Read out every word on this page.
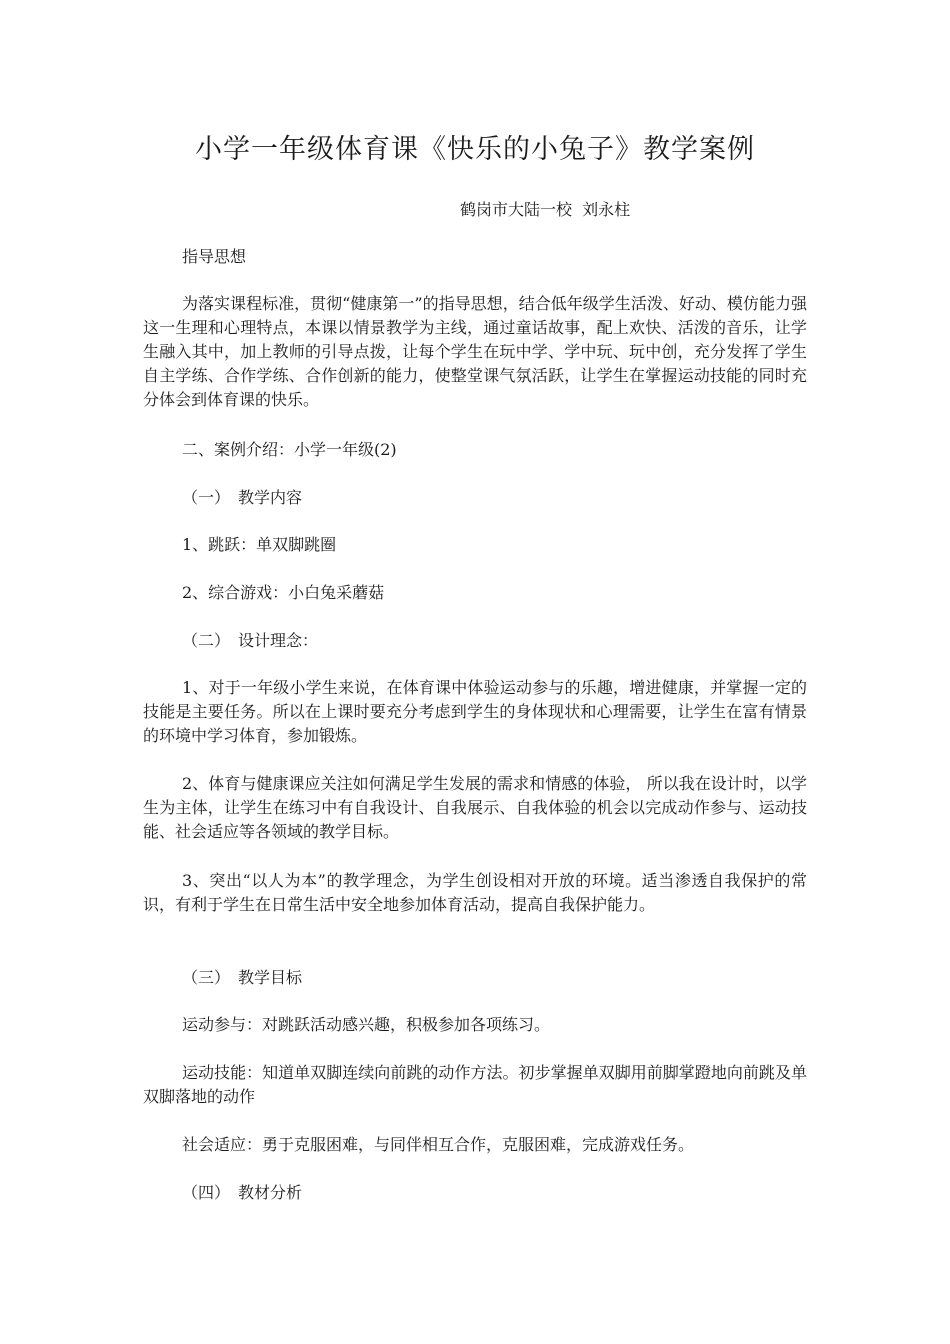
小学一年级体育课《快乐的小兔子》教学案例
鹤岗市大陆一校  刘永柱
指导思想

为落实课程标准，贯彻“健康第一”的指导思想，结合低年级学生活泼、好动、模仿能力强这一生理和心理特点，本课以情景教学为主线，通过童话故事，配上欢快、活泼的音乐，让学生融入其中，加上教师的引导点拨，让每个学生在玩中学、学中玩、玩中创，充分发挥了学生自主学练、合作学练、合作创新的能力，使整堂课气氛活跃，让学生在掌握运动技能的同时充分体会到体育课的快乐。

二、案例介绍：小学一年级(2)
（一）　教学内容
1、跳跃：单双脚跳圈
2、综合游戏：小白兔采蘑菇
（二）　设计理念：

1、对于一年级小学生来说，在体育课中体验运动参与的乐趣，增进健康，并掌握一定的技能是主要任务。所以在上课时要充分考虑到学生的身体现状和心理需要，让学生在富有情景的环境中学习体育，参加锻炼。

2、体育与健康课应关注如何满足学生发展的需求和情感的体验， 所以我在设计时，以学生为主体，让学生在练习中有自我设计、自我展示、自我体验的机会以完成动作参与、运动技能、社会适应等各领域的教学目标。

3、突出“以人为本”的教学理念，为学生创设相对开放的环境。适当渗透自我保护的常识，有利于学生在日常生活中安全地参加体育活动，提高自我保护能力。

（三）　教学目标
运动参与：对跳跃活动感兴趣，积极参加各项练习。

运动技能：知道单双脚连续向前跳的动作方法。初步掌握单双脚用前脚掌蹬地向前跳及单双脚落地的动作

社会适应：勇于克服困难，与同伴相互合作，克服困难，完成游戏任务。
（四）　教材分析
